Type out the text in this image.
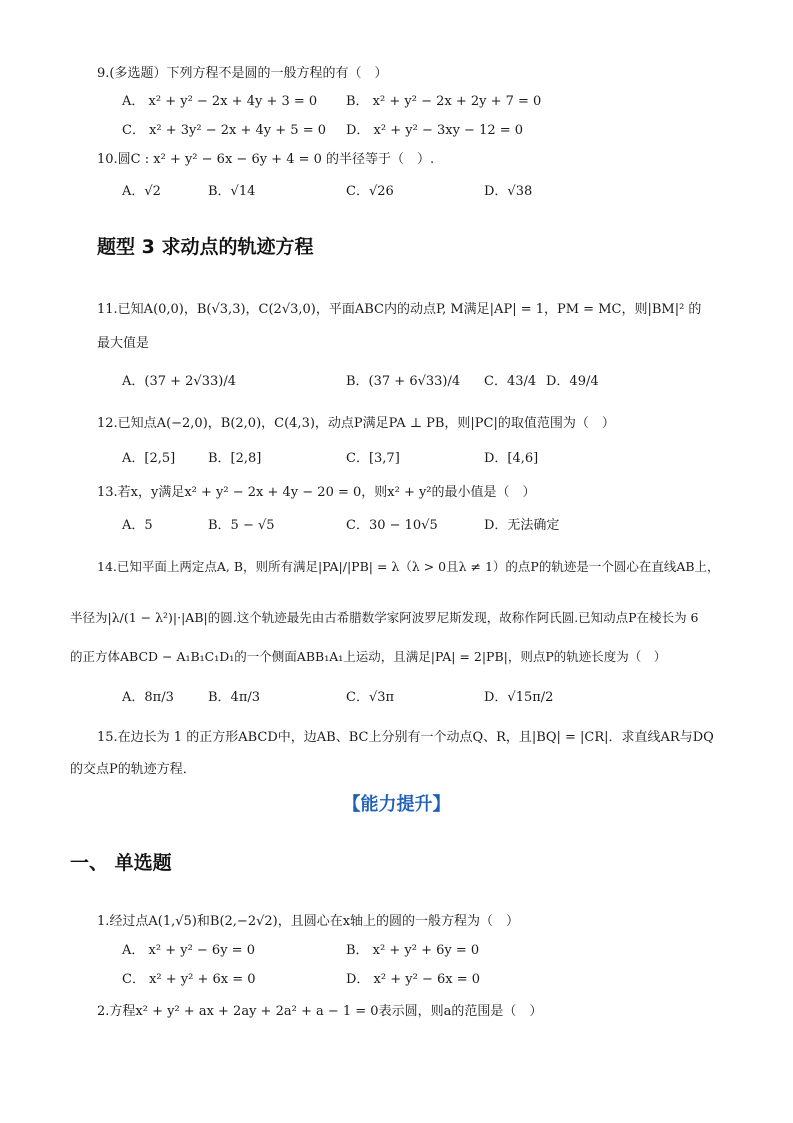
9.(多选题）下列方程不是圆的一般方程的有（　）
A． x² + y² − 2x + 4y + 3 = 0 B． x² + y² − 2x + 2y + 7 = 0
C． x² + 3y² − 2x + 4y + 5 = 0 D． x² + y² − 3xy − 12 = 0
10.圆C : x² + y² − 6x − 6y + 4 = 0 的半径等于（　）.
A．√2	B．√14	C．√26	D．√38
题型 3 求动点的轨迹方程
11.已知A(0,0)，B(√3,3)，C(2√3,0)，平面ABC内的动点P, M满足|AP| = 1，PM = MC，则|BM|² 的
最大值是
A．(37 + 2√33)/4	B．(37 + 6√33)/4 C．43/4 D．49/4
12.已知点A(−2,0)，B(2,0)，C(4,3)，动点P满足PA ⊥ PB，则|PC|的取值范围为（　）
A．[2,5]	B．[2,8]	C．[3,7]	D．[4,6]
13.若x，y满足x² + y² − 2x + 4y − 20 = 0，则x² + y²的最小值是（　）
A．5	B．5 − √5	C．30 − 10√5	D．无法确定
14.已知平面上两定点A, B，则所有满足|PA|/|PB| = λ（λ > 0且λ ≠ 1）的点P的轨迹是一个圆心在直线AB上，
半径为|λ/(1 − λ²)|·|AB|的圆.这个轨迹最先由古希腊数学家阿波罗尼斯发现，故称作阿氏圆.已知动点P在棱长为 6
的正方体ABCD − A₁B₁C₁D₁的一个侧面ABB₁A₁上运动，且满足|PA| = 2|PB|，则点P的轨迹长度为（　）
A．8π/3	B．4π/3	C．√3π	D．√15π/2
15.在边长为 1 的正方形ABCD中，边AB、BC上分别有一个动点Q、R，且|BQ| = |CR|．求直线AR与DQ
的交点P的轨迹方程．
【能力提升】
一、 单选题
1.经过点A(1,√5)和B(2,−2√2)，且圆心在x轴上的圆的一般方程为（　）
A． x² + y² − 6y = 0	B． x² + y² + 6y = 0
C． x² + y² + 6x = 0	D． x² + y² − 6x = 0
2.方程x² + y² + ax + 2ay + 2a² + a − 1 = 0表示圆，则a的范围是（　）
